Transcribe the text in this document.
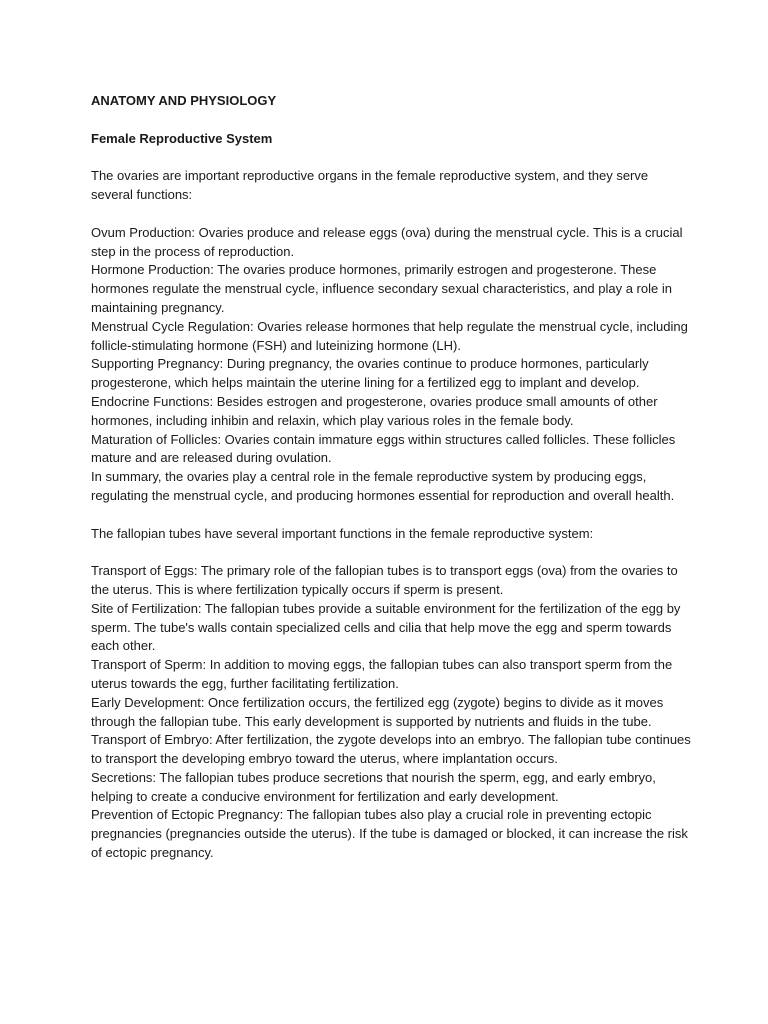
ANATOMY AND PHYSIOLOGY

Female Reproductive System

The ovaries are important reproductive organs in the female reproductive system, and they serve several functions:

Ovum Production: Ovaries produce and release eggs (ova) during the menstrual cycle. This is a crucial step in the process of reproduction.

Hormone Production: The ovaries produce hormones, primarily estrogen and progesterone. These hormones regulate the menstrual cycle, influence secondary sexual characteristics, and play a role in maintaining pregnancy.

Menstrual Cycle Regulation: Ovaries release hormones that help regulate the menstrual cycle, including follicle-stimulating hormone (FSH) and luteinizing hormone (LH).

Supporting Pregnancy: During pregnancy, the ovaries continue to produce hormones, particularly progesterone, which helps maintain the uterine lining for a fertilized egg to implant and develop.

Endocrine Functions: Besides estrogen and progesterone, ovaries produce small amounts of other hormones, including inhibin and relaxin, which play various roles in the female body.

Maturation of Follicles: Ovaries contain immature eggs within structures called follicles. These follicles mature and are released during ovulation.

In summary, the ovaries play a central role in the female reproductive system by producing eggs, regulating the menstrual cycle, and producing hormones essential for reproduction and overall health.

The fallopian tubes have several important functions in the female reproductive system:

Transport of Eggs: The primary role of the fallopian tubes is to transport eggs (ova) from the ovaries to the uterus. This is where fertilization typically occurs if sperm is present.

Site of Fertilization: The fallopian tubes provide a suitable environment for the fertilization of the egg by sperm. The tube's walls contain specialized cells and cilia that help move the egg and sperm towards each other.

Transport of Sperm: In addition to moving eggs, the fallopian tubes can also transport sperm from the uterus towards the egg, further facilitating fertilization.

Early Development: Once fertilization occurs, the fertilized egg (zygote) begins to divide as it moves through the fallopian tube. This early development is supported by nutrients and fluids in the tube.

Transport of Embryo: After fertilization, the zygote develops into an embryo. The fallopian tube continues to transport the developing embryo toward the uterus, where implantation occurs.

Secretions: The fallopian tubes produce secretions that nourish the sperm, egg, and early embryo, helping to create a conducive environment for fertilization and early development.

Prevention of Ectopic Pregnancy: The fallopian tubes also play a crucial role in preventing ectopic pregnancies (pregnancies outside the uterus). If the tube is damaged or blocked, it can increase the risk of ectopic pregnancy.
